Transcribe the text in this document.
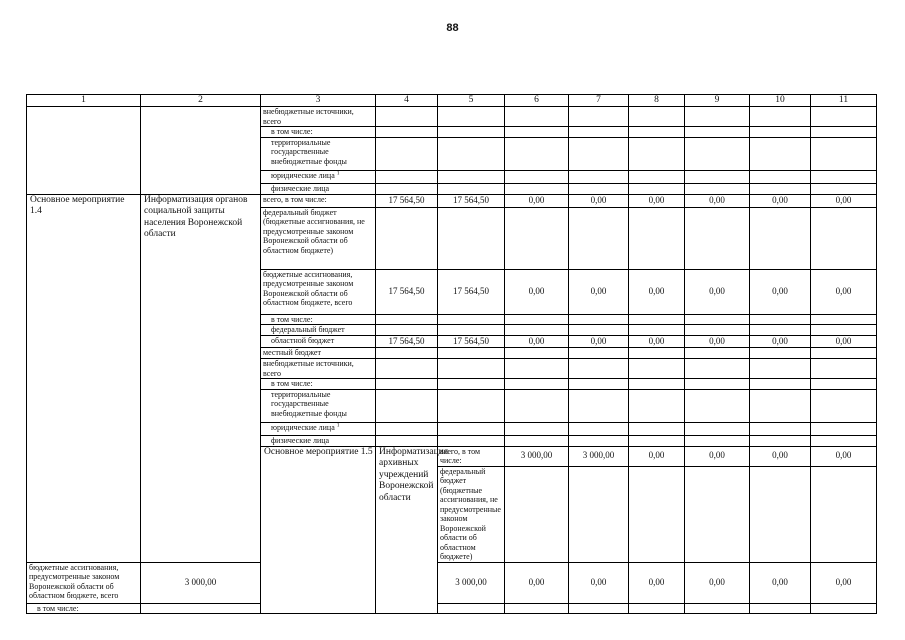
88
1	2	3	4	5	6	7	8	9	10	11	
		внебюджетные источники, всего									
		в том числе:									
		территориальные государственные внебюджетные фонды									
		юридические лица $^1$								
		физические лица									
Основное мероприятие 1.4	Информатизация органов социальной защиты населения Воронежской области	всего, в том числе:	17 564,50	17 564,50	0,00	0,00	0,00	0,00	0,00	0,00	
		федеральный бюджет (бюджетные ассигнования, не предусмотренные законом Воронежской области об областном бюджете)									
		бюджетные ассигнования, предусмотренные законом Воронежской области об областном бюджете, всего	17 564,50	17 564,50	0,00	0,00	0,00	0,00	0,00	0,00	
		в том числе:									
		федеральный бюджет									
		областной бюджет	17 564,50	17 564,50	0,00	0,00	0,00	0,00	0,00	0,00	
		местный бюджет									
		внебюджетные источники, всего									
		в том числе:									
		территориальные государственные внебюджетные фонды									
		юридические лица $^1$								
		физические лица									
		Основное мероприятие 1.5	Информатизация архивных учреждений Воронежской области	всего, в том числе:	3 000,00	3 000,00	0,00	0,00	0,00	0,00		
				федеральный бюджет (бюджетные ассигнования, не предусмотренные законом Воронежской области об областном бюджете)								
бюджетные ассигнования, предусмотренные законом Воронежской области об областном бюджете, всего	3 000,00			3 000,00	0,00	0,00	0,00	0,00	0,00	0,00	
в том числе:											
